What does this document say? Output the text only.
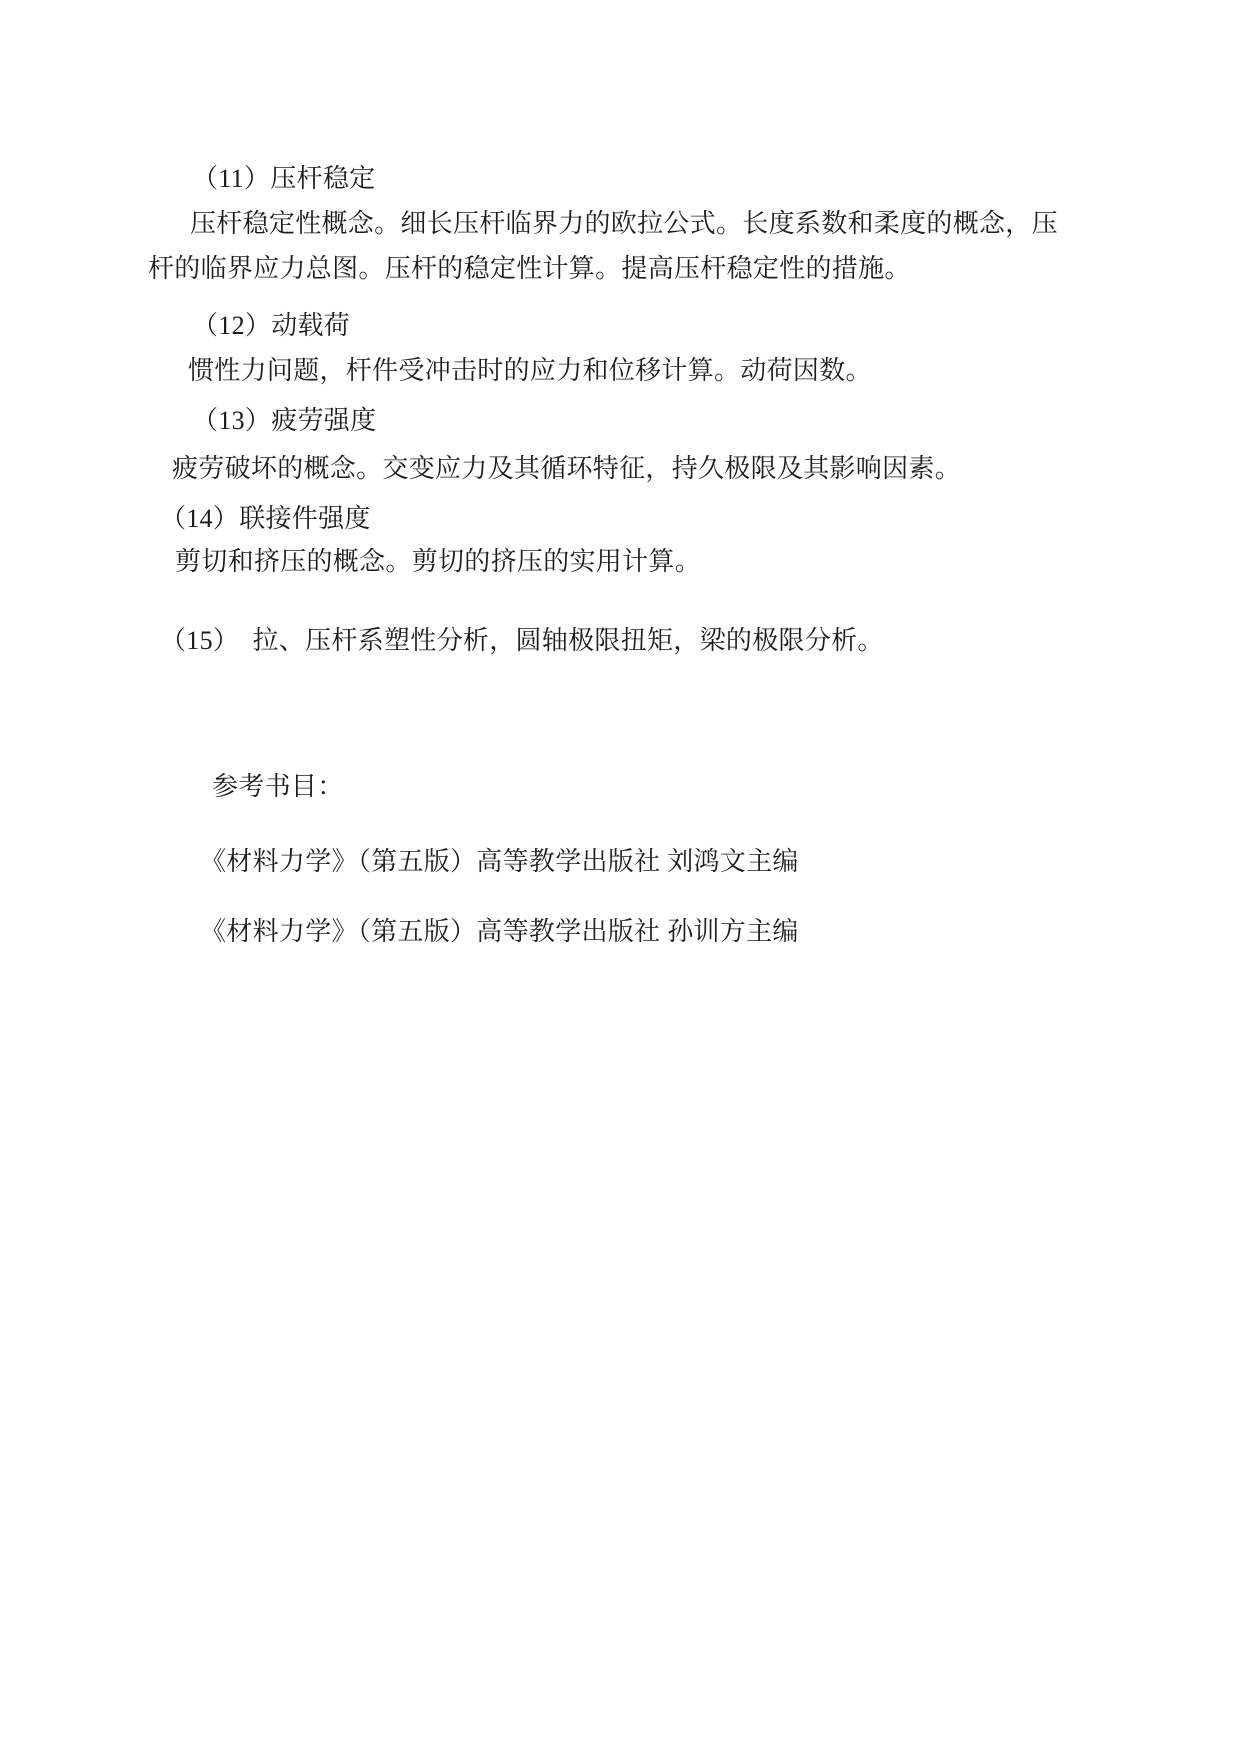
（11）压杆稳定
压杆稳定性概念。细长压杆临界力的欧拉公式。长度系数和柔度的概念，压
杆的临界应力总图。压杆的稳定性计算。提高压杆稳定性的措施。
（12）动载荷
惯性力问题，杆件受冲击时的应力和位移计算。动荷因数。
（13）疲劳强度
疲劳破坏的概念。交变应力及其循环特征，持久极限及其影响因素。
（14）联接件强度
剪切和挤压的概念。剪切的挤压的实用计算。
（15）　拉、压杆系塑性分析，圆轴极限扭矩，梁的极限分析。
参考书目：
《材料力学》（第五版）高等教学出版社 刘鸿文主编
《材料力学》（第五版）高等教学出版社 孙训方主编
